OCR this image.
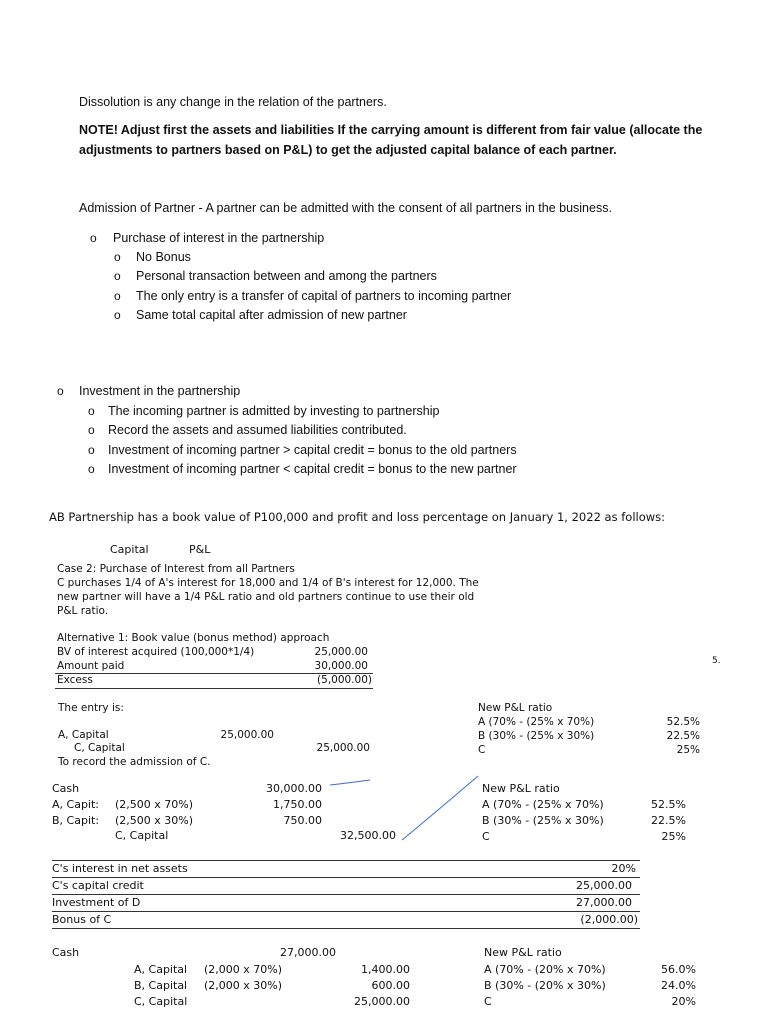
Dissolution is any change in the relation of the partners.
NOTE! Adjust first the assets and liabilities If the carrying amount is different from fair value (allocate the
adjustments to partners based on P&L) to get the adjusted capital balance of each partner.
Admission of Partner - A partner can be admitted with the consent of all partners in the business.
o Purchase of interest in the partnership
o No Bonus
o Personal transaction between and among the partners
o The only entry is a transfer of capital of partners to incoming partner
o Same total capital after admission of new partner
o Investment in the partnership
o The incoming partner is admitted by investing to partnership
o Record the assets and assumed liabilities contributed.
o Investment of incoming partner > capital credit = bonus to the old partners
o Investment of incoming partner < capital credit = bonus to the new partner
AB Partnership has a book value of P100,000 and profit and loss percentage on January 1, 2022 as follows:
Capital	P&L
Case 2: Purchase of Interest from all Partners
C purchases 1/4 of A's interest for 18,000 and 1/4 of B's interest for 12,000. The
new partner will have a 1/4 P&L ratio and old partners continue to use their old
P&L ratio.
Alternative 1: Book value (bonus method) approach
BV of interest acquired (100,000*1/4)	25,000.00
Amount paid	30,000.00
Excess	(5,000.00)
5.
The entry is:
A, Capital	25,000.00
C, Capital	25,000.00
To record the admission of C.
New P&L ratio
A (70% - (25% x 70%)	52.5%
B (30% - (25% x 30%)	22.5%
C	25%
Cash	30,000.00
A, Capit: (2,500 x 70%)	1,750.00
B, Capit: (2,500 x 30%)	750.00
C, Capital	32,500.00
New P&L ratio
A (70% - (25% x 70%)	52.5%
B (30% - (25% x 30%)	22.5%
C	25%
C's interest in net assets	20%
C's capital credit	25,000.00
Investment of D	27,000.00
Bonus of C	(2,000.00)
Cash	27,000.00
A, Capital (2,000 x 70%)	1,400.00
B, Capital (2,000 x 30%)	600.00
C, Capital	25,000.00
New P&L ratio
A (70% - (20% x 70%)	56.0%
B (30% - (20% x 30%)	24.0%
C	20%
